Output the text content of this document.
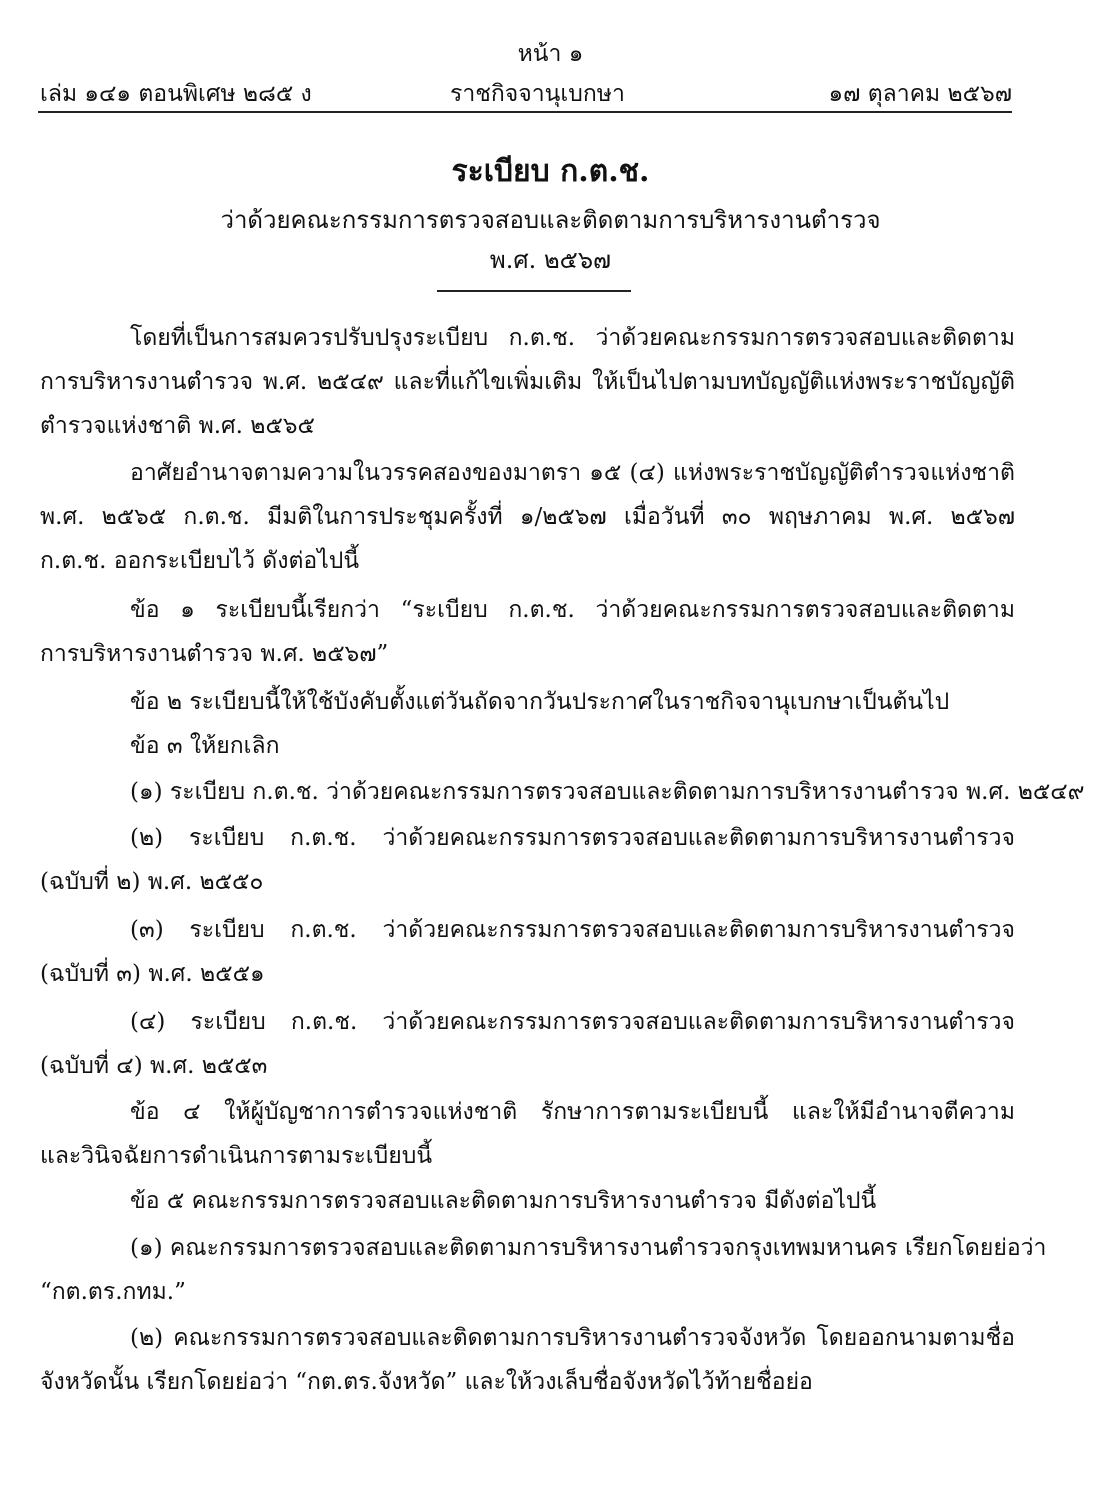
หน้า ๑
เล่ม ๑๔๑ ตอนพิเศษ ๒๘๕ ง	ราชกิจจานุเบกษา	๑๗ ตุลาคม ๒๕๖๗
ระเบียบ ก.ต.ช.
ว่าด้วยคณะกรรมการตรวจสอบและติดตามการบริหารงานตำรวจ
พ.ศ. ๒๕๖๗
โดยที่เป็นการสมควรปรับปรุงระเบียบ ก.ต.ช. ว่าด้วยคณะกรรมการตรวจสอบและติดตาม
การบริหารงานตำรวจ พ.ศ. ๒๕๔๙ และที่แก้ไขเพิ่มเติม ให้เป็นไปตามบทบัญญัติแห่งพระราชบัญญัติ
ตำรวจแห่งชาติ พ.ศ. ๒๕๖๕
อาศัยอำนาจตามความในวรรคสองของมาตรา ๑๕ (๔) แห่งพระราชบัญญัติตำรวจแห่งชาติ
พ.ศ. ๒๕๖๕ ก.ต.ช. มีมติในการประชุมครั้งที่ ๑/๒๕๖๗ เมื่อวันที่ ๓๐ พฤษภาคม พ.ศ. ๒๕๖๗
ก.ต.ช. ออกระเบียบไว้ ดังต่อไปนี้
ข้อ ๑ ระเบียบนี้เรียกว่า “ระเบียบ ก.ต.ช. ว่าด้วยคณะกรรมการตรวจสอบและติดตาม
การบริหารงานตำรวจ พ.ศ. ๒๕๖๗”
ข้อ ๒ ระเบียบนี้ให้ใช้บังคับตั้งแต่วันถัดจากวันประกาศในราชกิจจานุเบกษาเป็นต้นไป
ข้อ ๓ ให้ยกเลิก
(๑) ระเบียบ ก.ต.ช. ว่าด้วยคณะกรรมการตรวจสอบและติดตามการบริหารงานตำรวจ พ.ศ. ๒๕๔๙
(๒) ระเบียบ ก.ต.ช. ว่าด้วยคณะกรรมการตรวจสอบและติดตามการบริหารงานตำรวจ
(ฉบับที่ ๒) พ.ศ. ๒๕๕๐
(๓) ระเบียบ ก.ต.ช. ว่าด้วยคณะกรรมการตรวจสอบและติดตามการบริหารงานตำรวจ
(ฉบับที่ ๓) พ.ศ. ๒๕๕๑
(๔) ระเบียบ ก.ต.ช. ว่าด้วยคณะกรรมการตรวจสอบและติดตามการบริหารงานตำรวจ
(ฉบับที่ ๔) พ.ศ. ๒๕๕๓
ข้อ ๔ ให้ผู้บัญชาการตำรวจแห่งชาติ รักษาการตามระเบียบนี้ และให้มีอำนาจตีความ
และวินิจฉัยการดำเนินการตามระเบียบนี้
ข้อ ๕ คณะกรรมการตรวจสอบและติดตามการบริหารงานตำรวจ มีดังต่อไปนี้
(๑) คณะกรรมการตรวจสอบและติดตามการบริหารงานตำรวจกรุงเทพมหานคร เรียกโดยย่อว่า
“กต.ตร.กทม.”
(๒) คณะกรรมการตรวจสอบและติดตามการบริหารงานตำรวจจังหวัด โดยออกนามตามชื่อ
จังหวัดนั้น เรียกโดยย่อว่า “กต.ตร.จังหวัด” และให้วงเล็บชื่อจังหวัดไว้ท้ายชื่อย่อ
